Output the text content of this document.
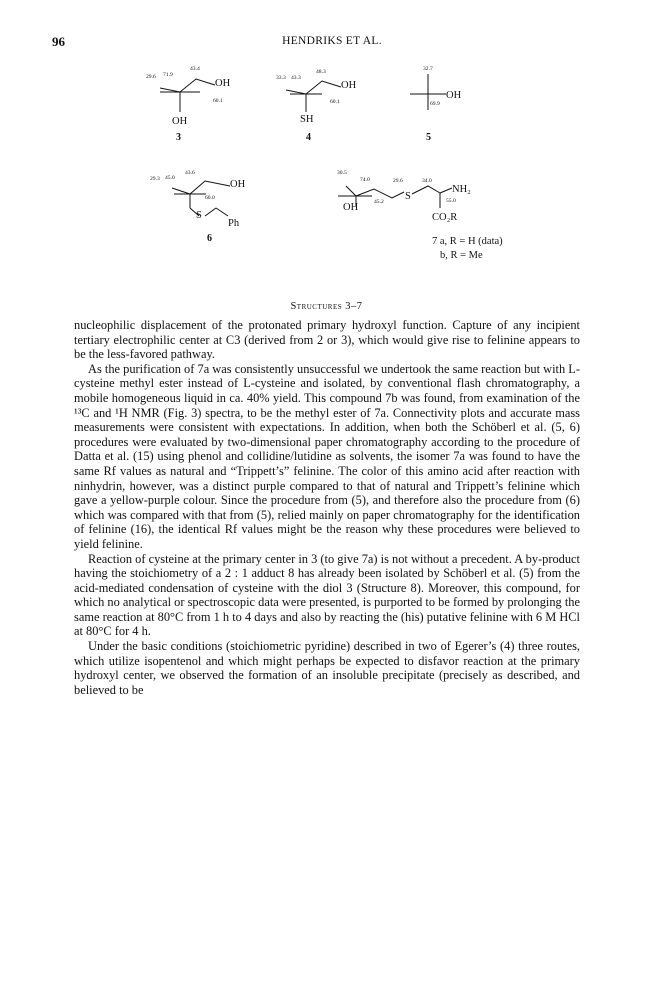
96	HENDRIKS ET AL.
29.6 71.9
43.4
OH
60.1
OH
3
33.3 43.3
48.3
OH
60.1
SH
4
32.7
OH
69.9
5
29.3 45.0
43.6
OH
60.0
S
Ph
6
30.5
74.0	29.6	34.0
OH	45.2 S
NH₂
55.0
CO₂R
7 a, R = H (data)
b, R = Me
Structures 3–7

nucleophilic displacement of the protonated primary hydroxyl function. Capture of any incipient tertiary electrophilic center at C3 (derived from 2 or 3), which would give rise to felinine appears to be the less-favored pathway.

As the purification of 7a was consistently unsuccessful we undertook the same reaction but with L-cysteine methyl ester instead of L-cysteine and isolated, by conventional flash chromatography, a mobile homogeneous liquid in ca. 40% yield. This compound 7b was found, from examination of the ¹³C and ¹H NMR (Fig. 3) spectra, to be the methyl ester of 7a. Connectivity plots and accurate mass measurements were consistent with expectations. In addition, when both the Schöberl et al. (5, 6) procedures were evaluated by two-dimensional paper chromatography according to the procedure of Datta et al. (15) using phenol and collidine/lutidine as solvents, the isomer 7a was found to have the same Rf values as natural and “Trippett’s” felinine. The color of this amino acid after reaction with ninhydrin, however, was a distinct purple compared to that of natural and Trippett’s felinine which gave a yellow-purple colour. Since the procedure from (5), and therefore also the procedure from (6) which was compared with that from (5), relied mainly on paper chromatography for the identification of felinine (16), the identical Rf values might be the reason why these procedures were believed to yield felinine.

Reaction of cysteine at the primary center in 3 (to give 7a) is not without a precedent. A by-product having the stoichiometry of a 2 : 1 adduct 8 has already been isolated by Schöberl et al. (5) from the acid-mediated condensation of cysteine with the diol 3 (Structure 8). Moreover, this compound, for which no analytical or spectroscopic data were presented, is purported to be formed by prolonging the same reaction at 80°C from 1 h to 4 days and also by reacting the (his) putative felinine with 6 M HCl at 80°C for 4 h.

Under the basic conditions (stoichiometric pyridine) described in two of Egerer’s (4) three routes, which utilize isopentenol and which might perhaps be expected to disfavor reaction at the primary hydroxyl center, we observed the formation of an insoluble precipitate (precisely as described, and believed to be
